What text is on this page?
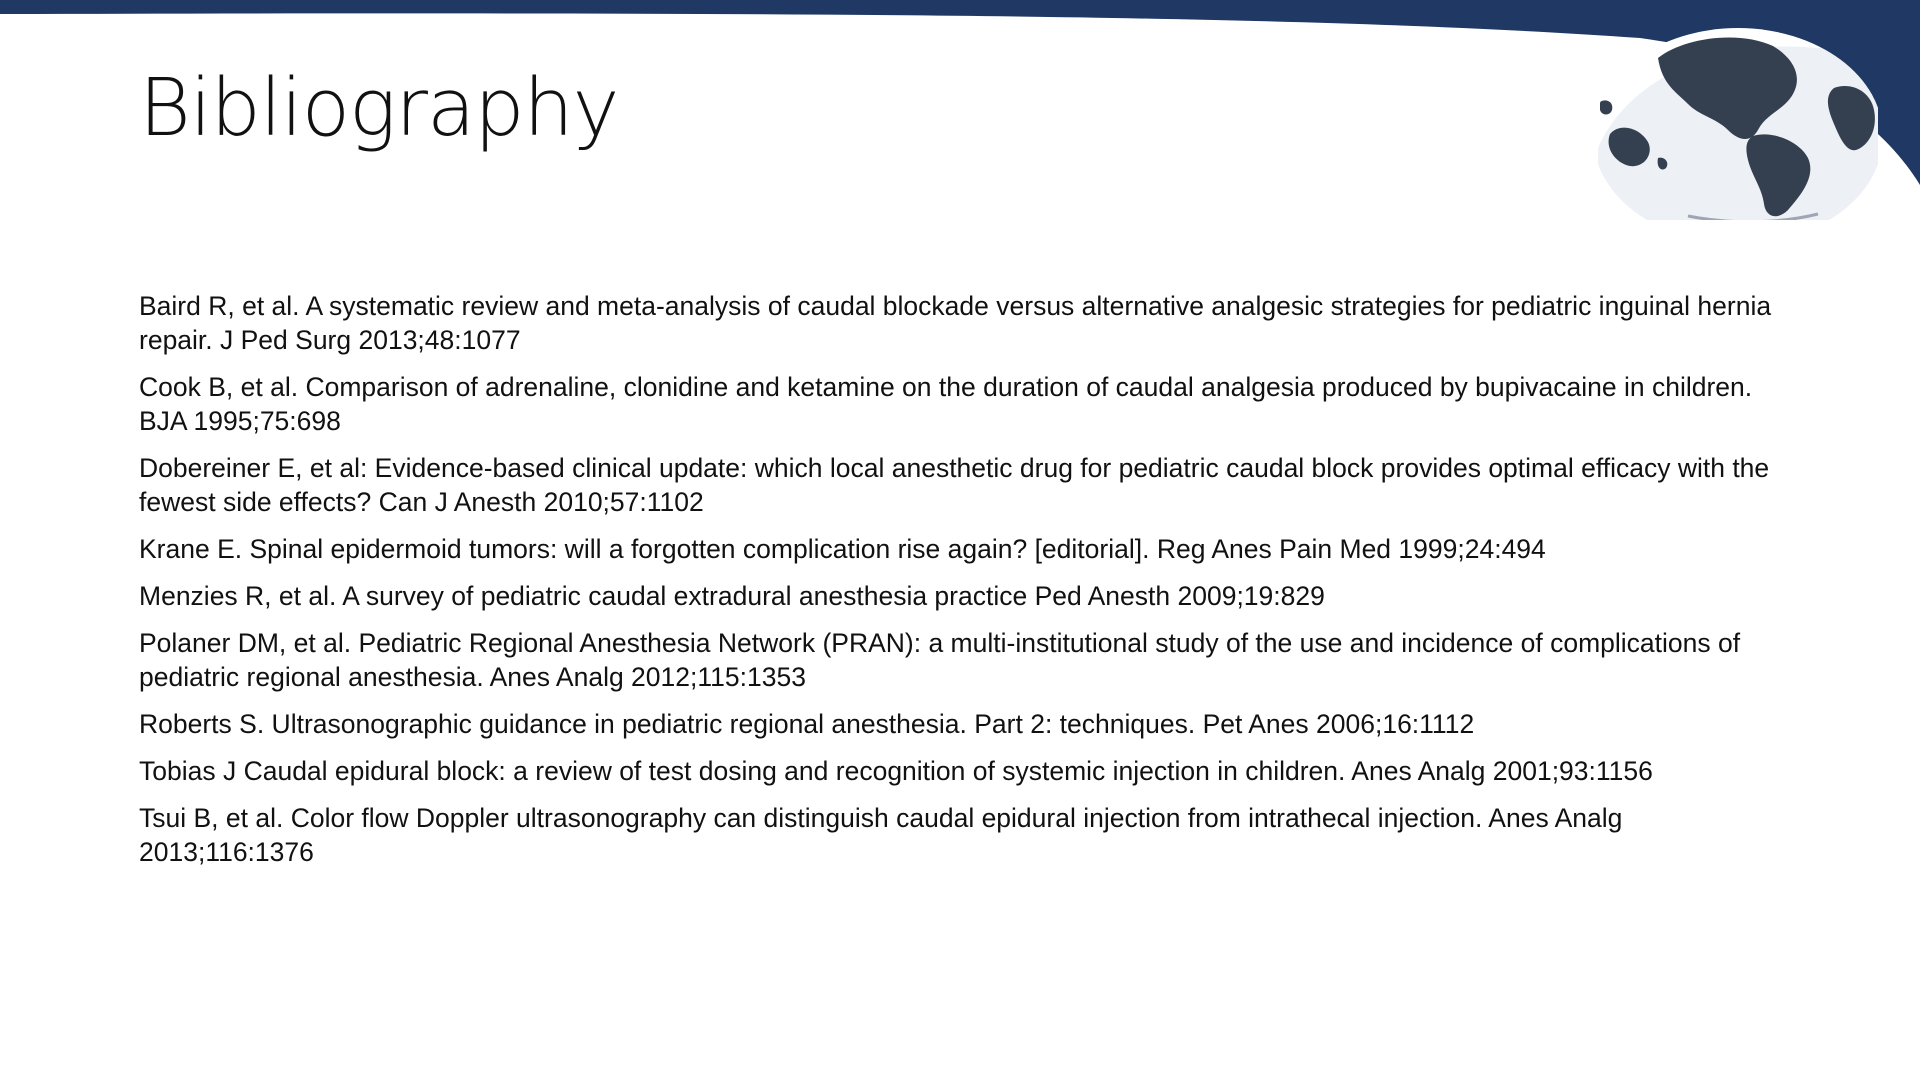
Bibliography
Baird R, et al. A systematic review and meta-analysis of caudal blockade versus alternative analgesic strategies for pediatric inguinal hernia repair. J Ped Surg 2013;48:1077
Cook B, et al. Comparison of adrenaline, clonidine and ketamine on the duration of caudal analgesia produced by bupivacaine in children. BJA 1995;75:698
Dobereiner E, et al: Evidence-based clinical update: which local anesthetic drug for pediatric caudal block provides optimal efficacy with the fewest side effects? Can J Anesth 2010;57:1102
Krane E. Spinal epidermoid tumors: will a forgotten complication rise again? [editorial]. Reg Anes Pain Med 1999;24:494
Menzies R, et al. A survey of pediatric caudal extradural anesthesia practice Ped Anesth 2009;19:829
Polaner DM, et al. Pediatric Regional Anesthesia Network (PRAN): a multi-institutional study of the use and incidence of complications of pediatric regional anesthesia. Anes Analg 2012;115:1353
Roberts S. Ultrasonographic guidance in pediatric regional anesthesia. Part 2: techniques. Pet Anes 2006;16:1112
Tobias J Caudal epidural block: a review of test dosing and recognition of systemic injection in children. Anes Analg 2001;93:1156
Tsui B, et al. Color flow Doppler ultrasonography can distinguish caudal epidural injection from intrathecal injection. Anes Analg 2013;116:1376
